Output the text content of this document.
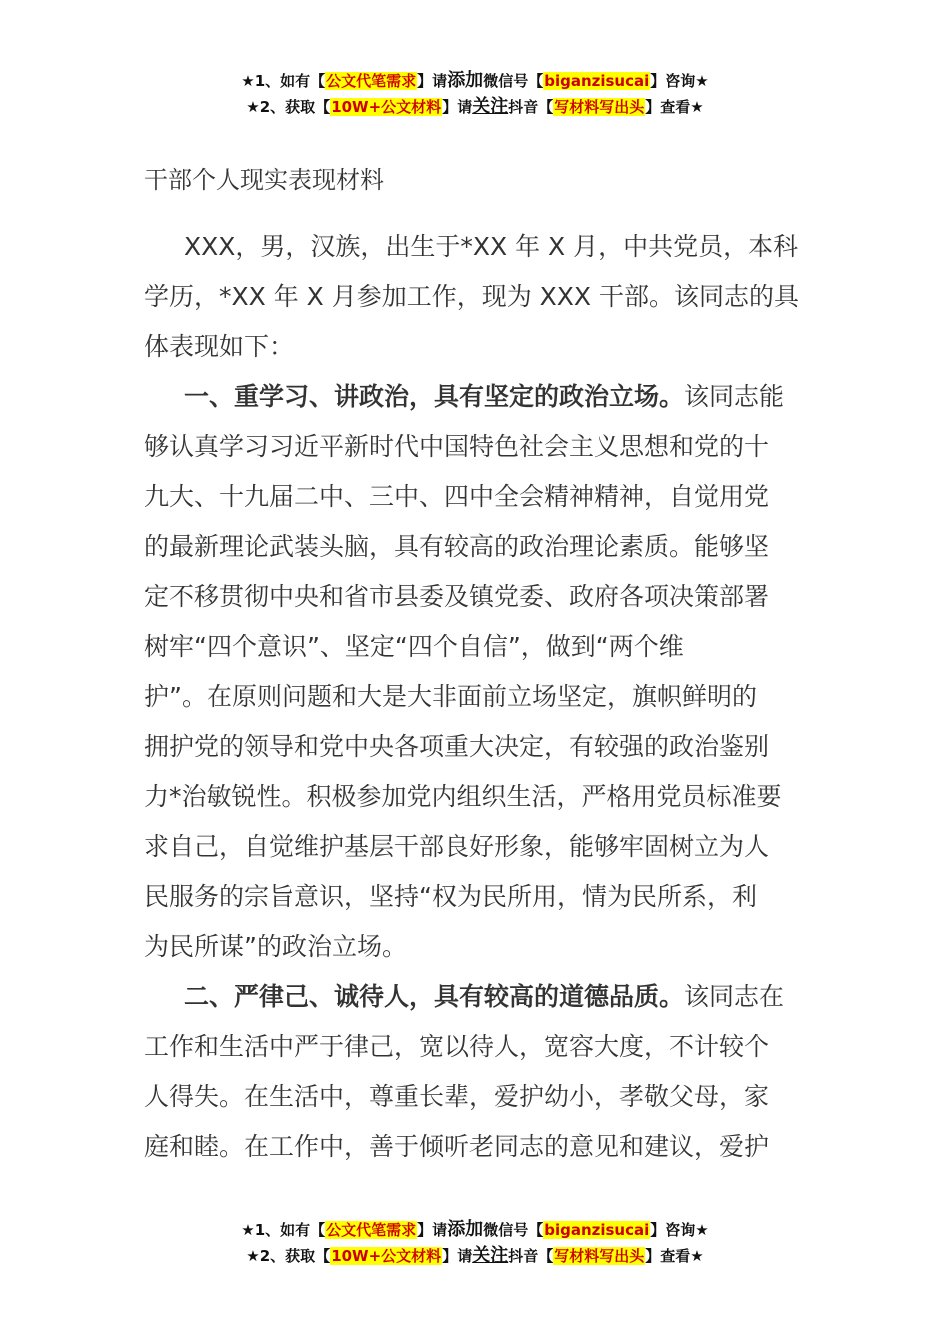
★1、如有【公文代笔需求】请添加微信号【biganzisucai】咨询★
★2、获取【10W+公文材料】请关注抖音【写材料写出头】查看★
干部个人现实表现材料

XXX，男，汉族，出生于*XX 年 X 月，中共党员，本科
学历，*XX 年 X 月参加工作，现为 XXX 干部。该同志的具
体表现如下：

一、重学习、讲政治，具有坚定的政治立场。该同志能
够认真学习习近平新时代中国特色社会主义思想和党的十
九大、十九届二中、三中、四中全会精神精神，自觉用党
的最新理论武装头脑，具有较高的政治理论素质。能够坚
定不移贯彻中央和省市县委及镇党委、政府各项决策部署
树牢“四个意识”、坚定“四个自信”，做到“两个维
护”。在原则问题和大是大非面前立场坚定，旗帜鲜明的
拥护党的领导和党中央各项重大决定，有较强的政治鉴别
力*治敏锐性。积极参加党内组织生活，严格用党员标准要
求自己，自觉维护基层干部良好形象，能够牢固树立为人
民服务的宗旨意识，坚持“权为民所用，情为民所系，利
为民所谋”的政治立场。

二、严律己、诚待人，具有较高的道德品质。该同志在
工作和生活中严于律己，宽以待人，宽容大度，不计较个
人得失。在生活中，尊重长辈，爱护幼小，孝敬父母，家
庭和睦。在工作中，善于倾听老同志的意见和建议，爱护

★1、如有【公文代笔需求】请添加微信号【biganzisucai】咨询★
★2、获取【10W+公文材料】请关注抖音【写材料写出头】查看★
